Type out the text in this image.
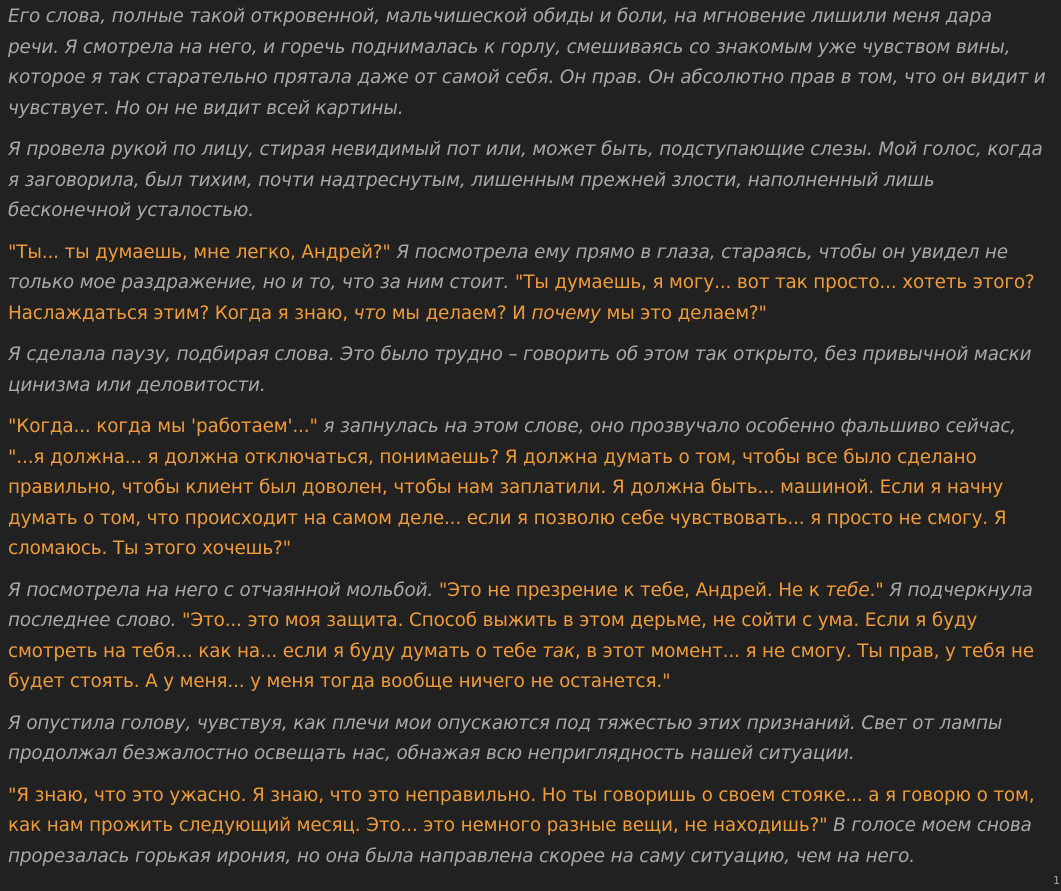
Его слова, полные такой откровенной, мальчишеской обиды и боли, на мгновение лишили меня дара речи. Я смотрела на него, и горечь поднималась к горлу, смешиваясь со знакомым уже чувством вины, которое я так старательно прятала даже от самой себя. Он прав. Он абсолютно прав в том, что он видит и чувствует. Но он не видит всей картины.

Я провела рукой по лицу, стирая невидимый пот или, может быть, подступающие слезы. Мой голос, когда я заговорила, был тихим, почти надтреснутым, лишенным прежней злости, наполненный лишь бесконечной усталостью.

"Ты... ты думаешь, мне легко, Андрей?" Я посмотрела ему прямо в глаза, стараясь, чтобы он увидел не только мое раздражение, но и то, что за ним стоит. "Ты думаешь, я могу... вот так просто... хотеть этого? Наслаждаться этим? Когда я знаю, что мы делаем? И почему мы это делаем?"

Я сделала паузу, подбирая слова. Это было трудно – говорить об этом так открыто, без привычной маски цинизма или деловитости.

"Когда... когда мы 'работаем'..." я запнулась на этом слове, оно прозвучало особенно фальшиво сейчас, "...я должна... я должна отключаться, понимаешь? Я должна думать о том, чтобы все было сделано правильно, чтобы клиент был доволен, чтобы нам заплатили. Я должна быть... машиной. Если я начну думать о том, что происходит на самом деле... если я позволю себе чувствовать... я просто не смогу. Я сломаюсь. Ты этого хочешь?"

Я посмотрела на него с отчаянной мольбой. "Это не презрение к тебе, Андрей. Не к тебе." Я подчеркнула последнее слово. "Это... это моя защита. Способ выжить в этом дерьме, не сойти с ума. Если я буду смотреть на тебя... как на... если я буду думать о тебе так, в этот момент... я не смогу. Ты прав, у тебя не будет стоять. А у меня... у меня тогда вообще ничего не останется."

Я опустила голову, чувствуя, как плечи мои опускаются под тяжестью этих признаний. Свет от лампы продолжал безжалостно освещать нас, обнажая всю неприглядность нашей ситуации.

"Я знаю, что это ужасно. Я знаю, что это неправильно. Но ты говоришь о своем стояке... а я говорю о том, как нам прожить следующий месяц. Это... это немного разные вещи, не находишь?" В голосе моем снова прорезалась горькая ирония, но она была направлена скорее на саму ситуацию, чем на него.

1
